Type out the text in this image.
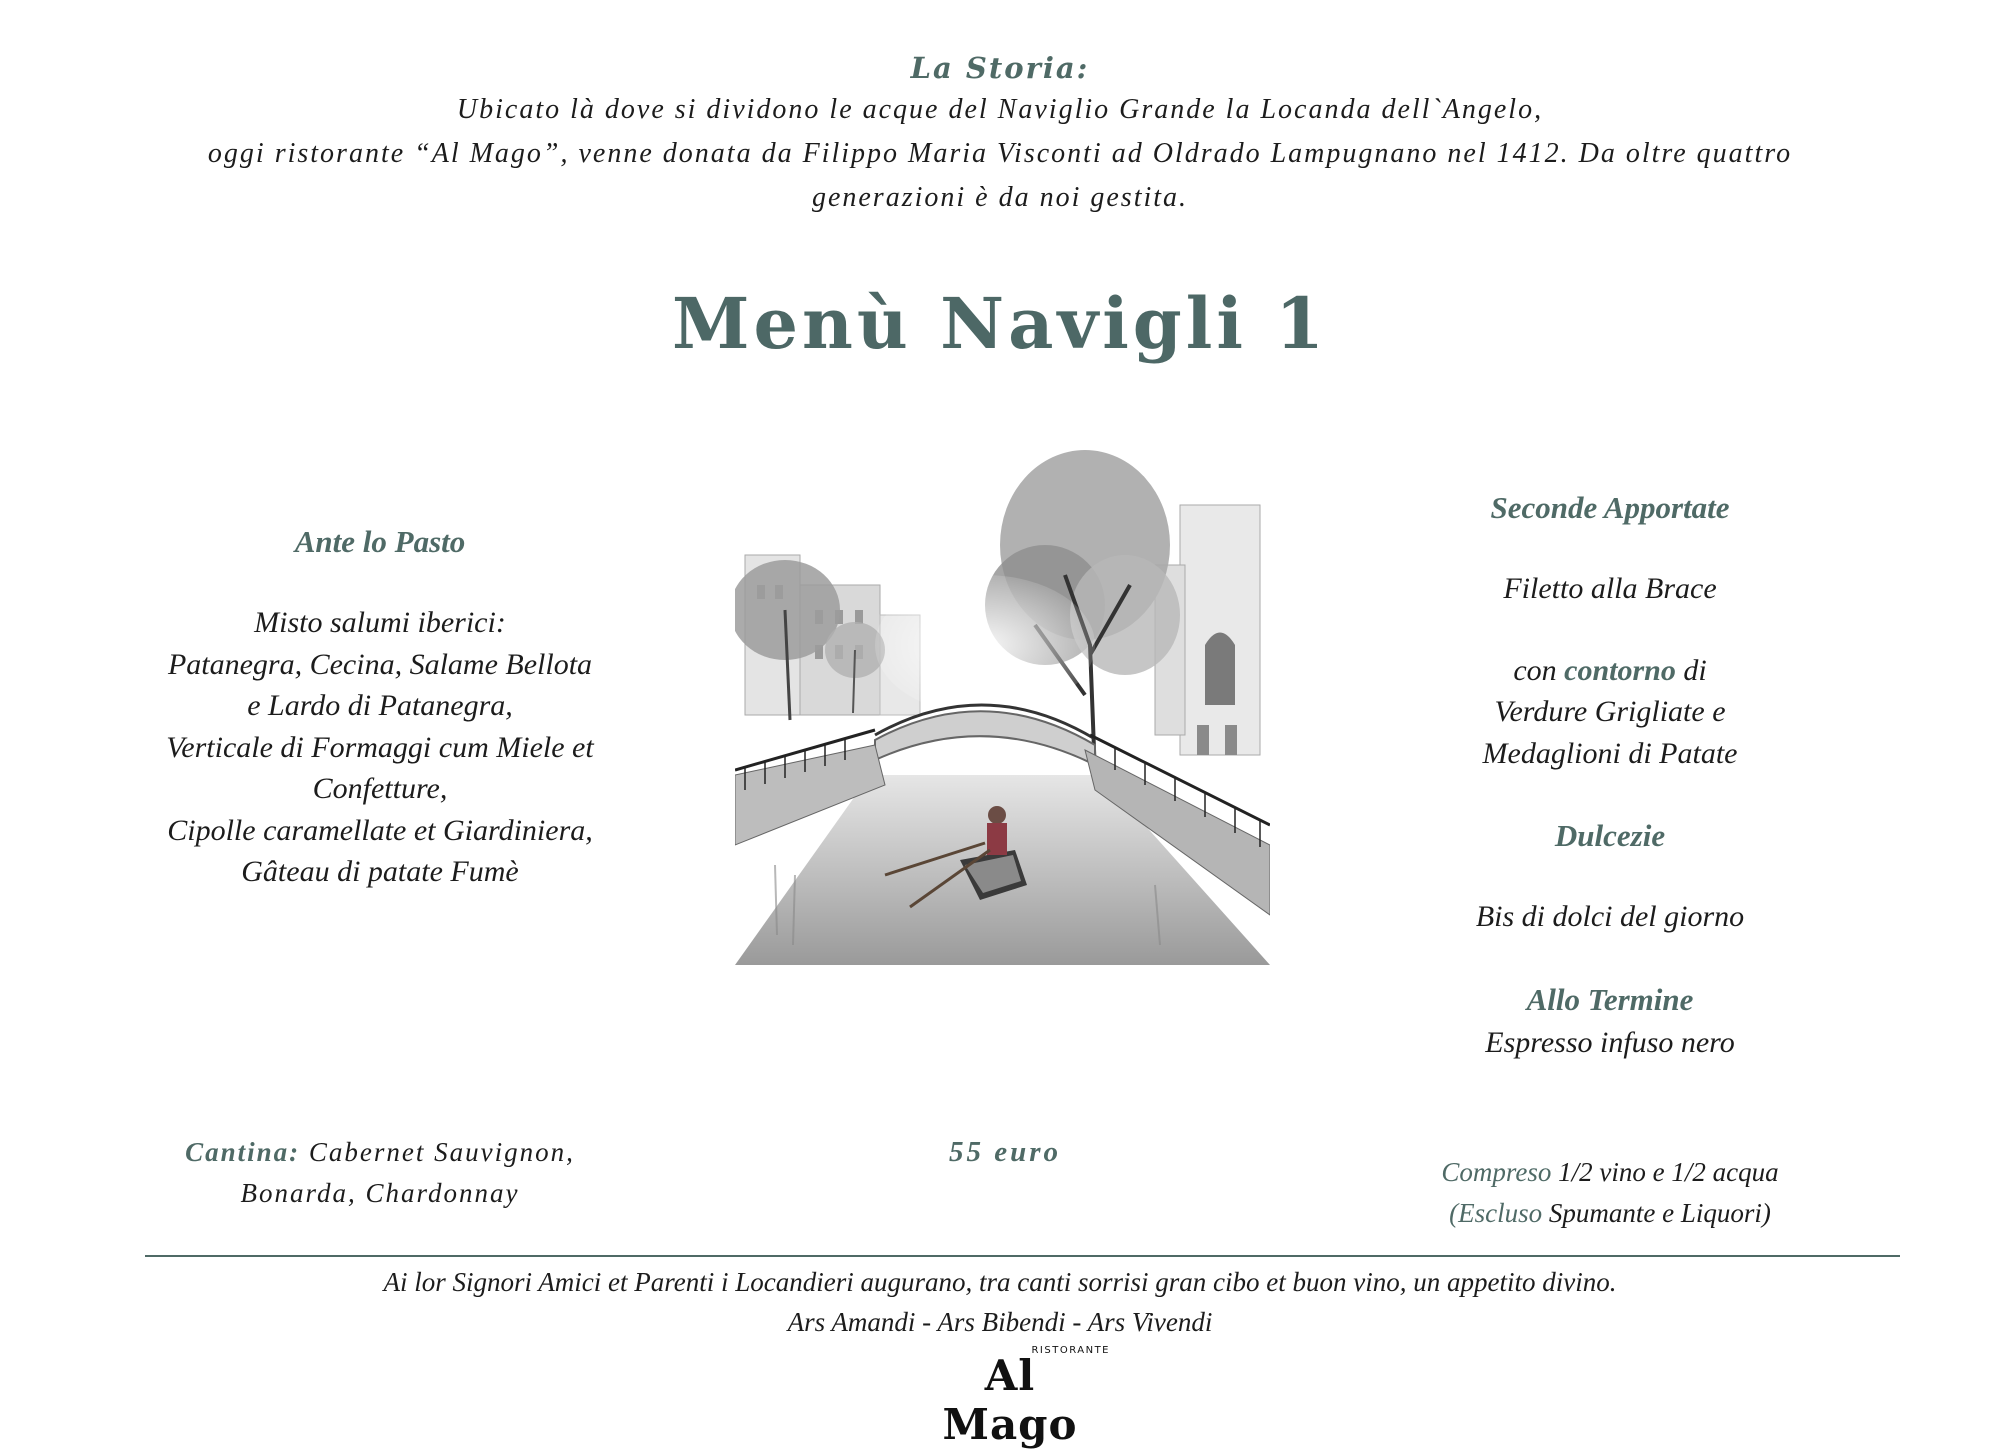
La Storia:
Ubicato là dove si dividono le acque del Naviglio Grande la Locanda dell`Angelo,
oggi ristorante “Al Mago”, venne donata da Filippo Maria Visconti ad Oldrado Lampugnano nel 1412. Da oltre quattro
generazioni è da noi gestita.
Menù Navigli 1
Ante lo Pasto
Misto salumi iberici:
Patanegra, Cecina, Salame Bellota
e Lardo di Patanegra,
Verticale di Formaggi cum Miele et
Confetture,
Cipolle caramellate et Giardiniera,
Gâteau di patate Fumè
Seconde Apportate
Filetto alla Brace
con contorno di
Verdure Grigliate e
Medaglioni di Patate
Dulcezie
Bis di dolci del giorno
Allo Termine
Espresso infuso nero
Cantina: Cabernet Sauvignon,
Bonarda, Chardonnay
55 euro
Compreso 1/2 vino e 1/2 acqua
(Escluso Spumante e Liquori)
Ai lor Signori Amici et Parenti i Locandieri augurano, tra canti sorrisi gran cibo et buon vino, un appetito divino.
Ars Amandi - Ars Bibendi - Ars Vivendi
RISTORANTE
Al Mago
